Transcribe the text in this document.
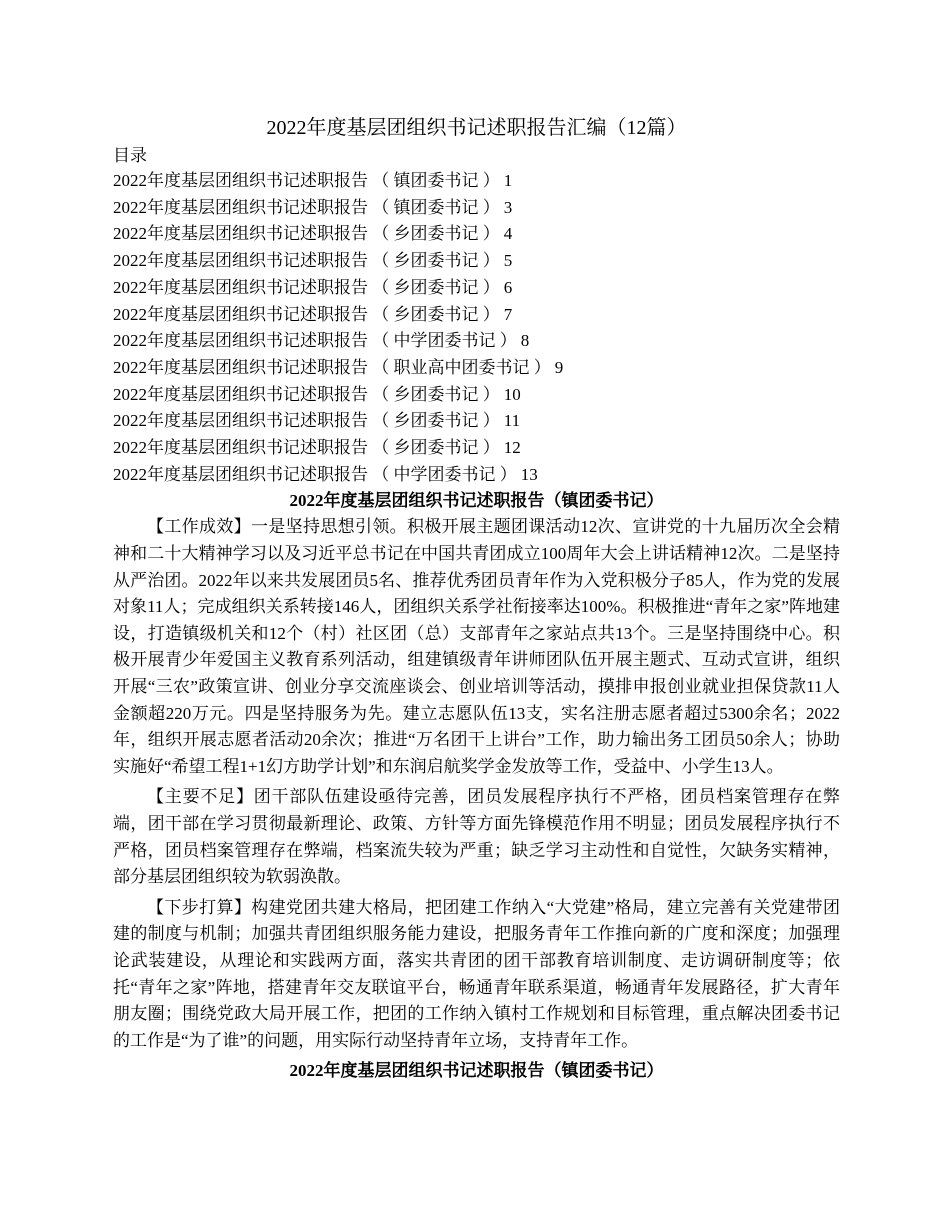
2022年度基层团组织书记述职报告汇编（12篇）
目录
2022年度基层团组织书记述职报告 （ 镇团委书记 ） 1
2022年度基层团组织书记述职报告 （ 镇团委书记 ） 3
2022年度基层团组织书记述职报告 （ 乡团委书记 ） 4
2022年度基层团组织书记述职报告 （ 乡团委书记 ） 5
2022年度基层团组织书记述职报告 （ 乡团委书记 ） 6
2022年度基层团组织书记述职报告 （ 乡团委书记 ） 7
2022年度基层团组织书记述职报告 （ 中学团委书记 ） 8
2022年度基层团组织书记述职报告 （ 职业高中团委书记 ） 9
2022年度基层团组织书记述职报告 （ 乡团委书记 ） 10
2022年度基层团组织书记述职报告 （ 乡团委书记 ） 11
2022年度基层团组织书记述职报告 （ 乡团委书记 ） 12
2022年度基层团组织书记述职报告 （ 中学团委书记 ） 13
2022年度基层团组织书记述职报告（镇团委书记）

【工作成效】一是坚持思想引领。积极开展主题团课活动12次、宣讲党的十九届历次全会精神和二十大精神学习以及习近平总书记在中国共青团成立100周年大会上讲话精神12次。二是坚持从严治团。2022年以来共发展团员5名、推荐优秀团员青年作为入党积极分子85人，作为党的发展对象11人；完成组织关系转接146人，团组织关系学社衔接率达100%。积极推进“青年之家”阵地建设，打造镇级机关和12个（村）社区团（总）支部青年之家站点共13个。三是坚持围绕中心。积极开展青少年爱国主义教育系列活动，组建镇级青年讲师团队伍开展主题式、互动式宣讲，组织开展“三农”政策宣讲、创业分享交流座谈会、创业培训等活动，摸排申报创业就业担保贷款11人金额超220万元。四是坚持服务为先。建立志愿队伍13支，实名注册志愿者超过5300余名；2022年，组织开展志愿者活动20余次；推进“万名团干上讲台”工作，助力输出务工团员50余人；协助实施好“希望工程1+1幻方助学计划”和东润启航奖学金发放等工作，受益中、小学生13人。

【主要不足】团干部队伍建设亟待完善，团员发展程序执行不严格，团员档案管理存在弊端，团干部在学习贯彻最新理论、政策、方针等方面先锋模范作用不明显；团员发展程序执行不严格，团员档案管理存在弊端，档案流失较为严重；缺乏学习主动性和自觉性，欠缺务实精神，部分基层团组织较为软弱涣散。

【下步打算】构建党团共建大格局，把团建工作纳入“大党建”格局，建立完善有关党建带团建的制度与机制；加强共青团组织服务能力建设，把服务青年工作推向新的广度和深度；加强理论武装建设，从理论和实践两方面，落实共青团的团干部教育培训制度、走访调研制度等；依托“青年之家”阵地，搭建青年交友联谊平台，畅通青年联系渠道，畅通青年发展路径，扩大青年朋友圈；围绕党政大局开展工作，把团的工作纳入镇村工作规划和目标管理，重点解决团委书记的工作是“为了谁”的问题，用实际行动坚持青年立场，支持青年工作。

2022年度基层团组织书记述职报告（镇团委书记）
